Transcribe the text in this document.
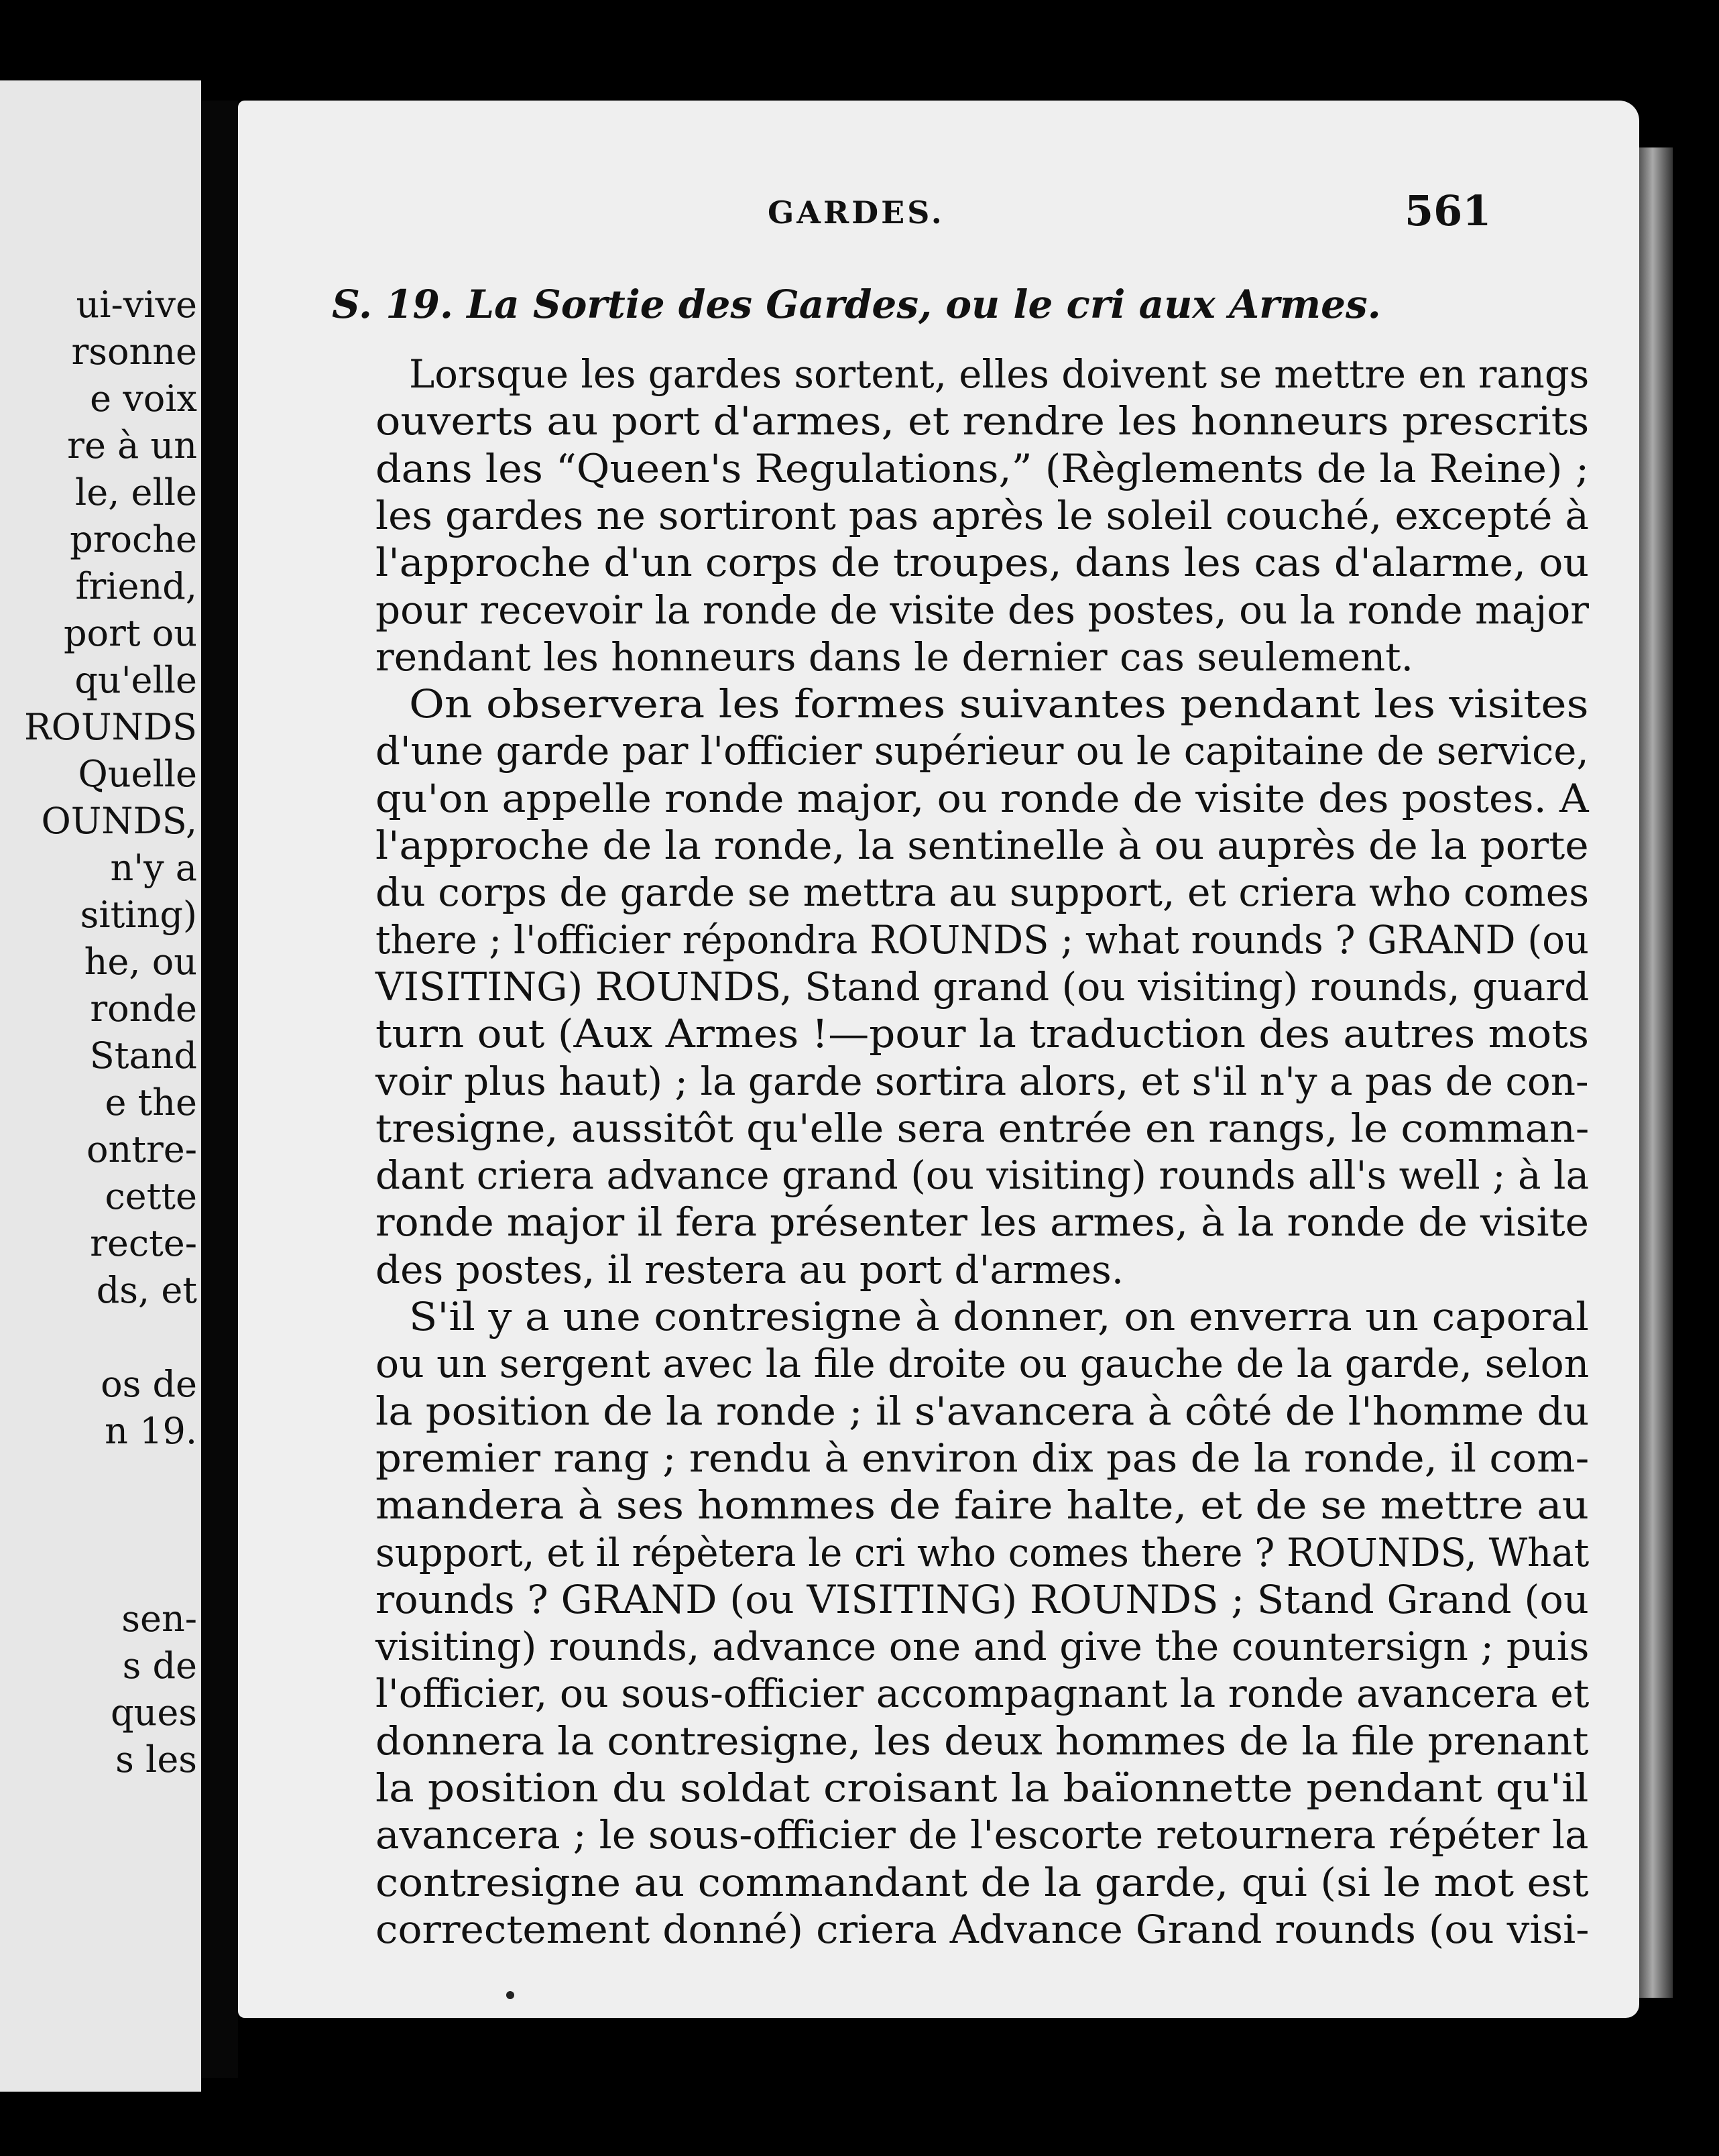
ui-vive
rsonne
e voix
re à un
le, elle
proche
friend,
port ou
qu'elle
ROUNDS
Quelle
OUNDS,
n'y a
siting)
he, ou
ronde
Stand
e the
ontre-
cette
recte-
ds, et
os de
n 19.
sen-
s de
ques
s les
GARDES.	561
S. 19. La Sortie des Gardes, ou le cri aux Armes.
Lorsque les gardes sortent, elles doivent se mettre en rangs
ouverts au port d'armes, et rendre les honneurs prescrits
dans les “Queen's Regulations,” (Règlements de la Reine) ;
les gardes ne sortiront pas après le soleil couché, excepté à
l'approche d'un corps de troupes, dans les cas d'alarme, ou
pour recevoir la ronde de visite des postes, ou la ronde major
rendant les honneurs dans le dernier cas seulement.
On observera les formes suivantes pendant les visites
d'une garde par l'officier supérieur ou le capitaine de service,
qu'on appelle ronde major, ou ronde de visite des postes. A
l'approche de la ronde, la sentinelle à ou auprès de la porte
du corps de garde se mettra au support, et criera who comes
there ; l'officier répondra ROUNDS ; what rounds ? GRAND (ou
VISITING) ROUNDS, Stand grand (ou visiting) rounds, guard
turn out (Aux Armes !—pour la traduction des autres mots
voir plus haut) ; la garde sortira alors, et s'il n'y a pas de con-
tresigne, aussitôt qu'elle sera entrée en rangs, le comman-
dant criera advance grand (ou visiting) rounds all's well ; à la
ronde major il fera présenter les armes, à la ronde de visite
des postes, il restera au port d'armes.
S'il y a une contresigne à donner, on enverra un caporal
ou un sergent avec la file droite ou gauche de la garde, selon
la position de la ronde ; il s'avancera à côté de l'homme du
premier rang ; rendu à environ dix pas de la ronde, il com-
mandera à ses hommes de faire halte, et de se mettre au
support, et il répètera le cri who comes there ? ROUNDS, What
rounds ? GRAND (ou VISITING) ROUNDS ; Stand Grand (ou
visiting) rounds, advance one and give the countersign ; puis
l'officier, ou sous-officier accompagnant la ronde avancera et
donnera la contresigne, les deux hommes de la file prenant
la position du soldat croisant la baïonnette pendant qu'il
avancera ; le sous-officier de l'escorte retournera répéter la
contresigne au commandant de la garde, qui (si le mot est
correctement donné) criera Advance Grand rounds (ou visi-
